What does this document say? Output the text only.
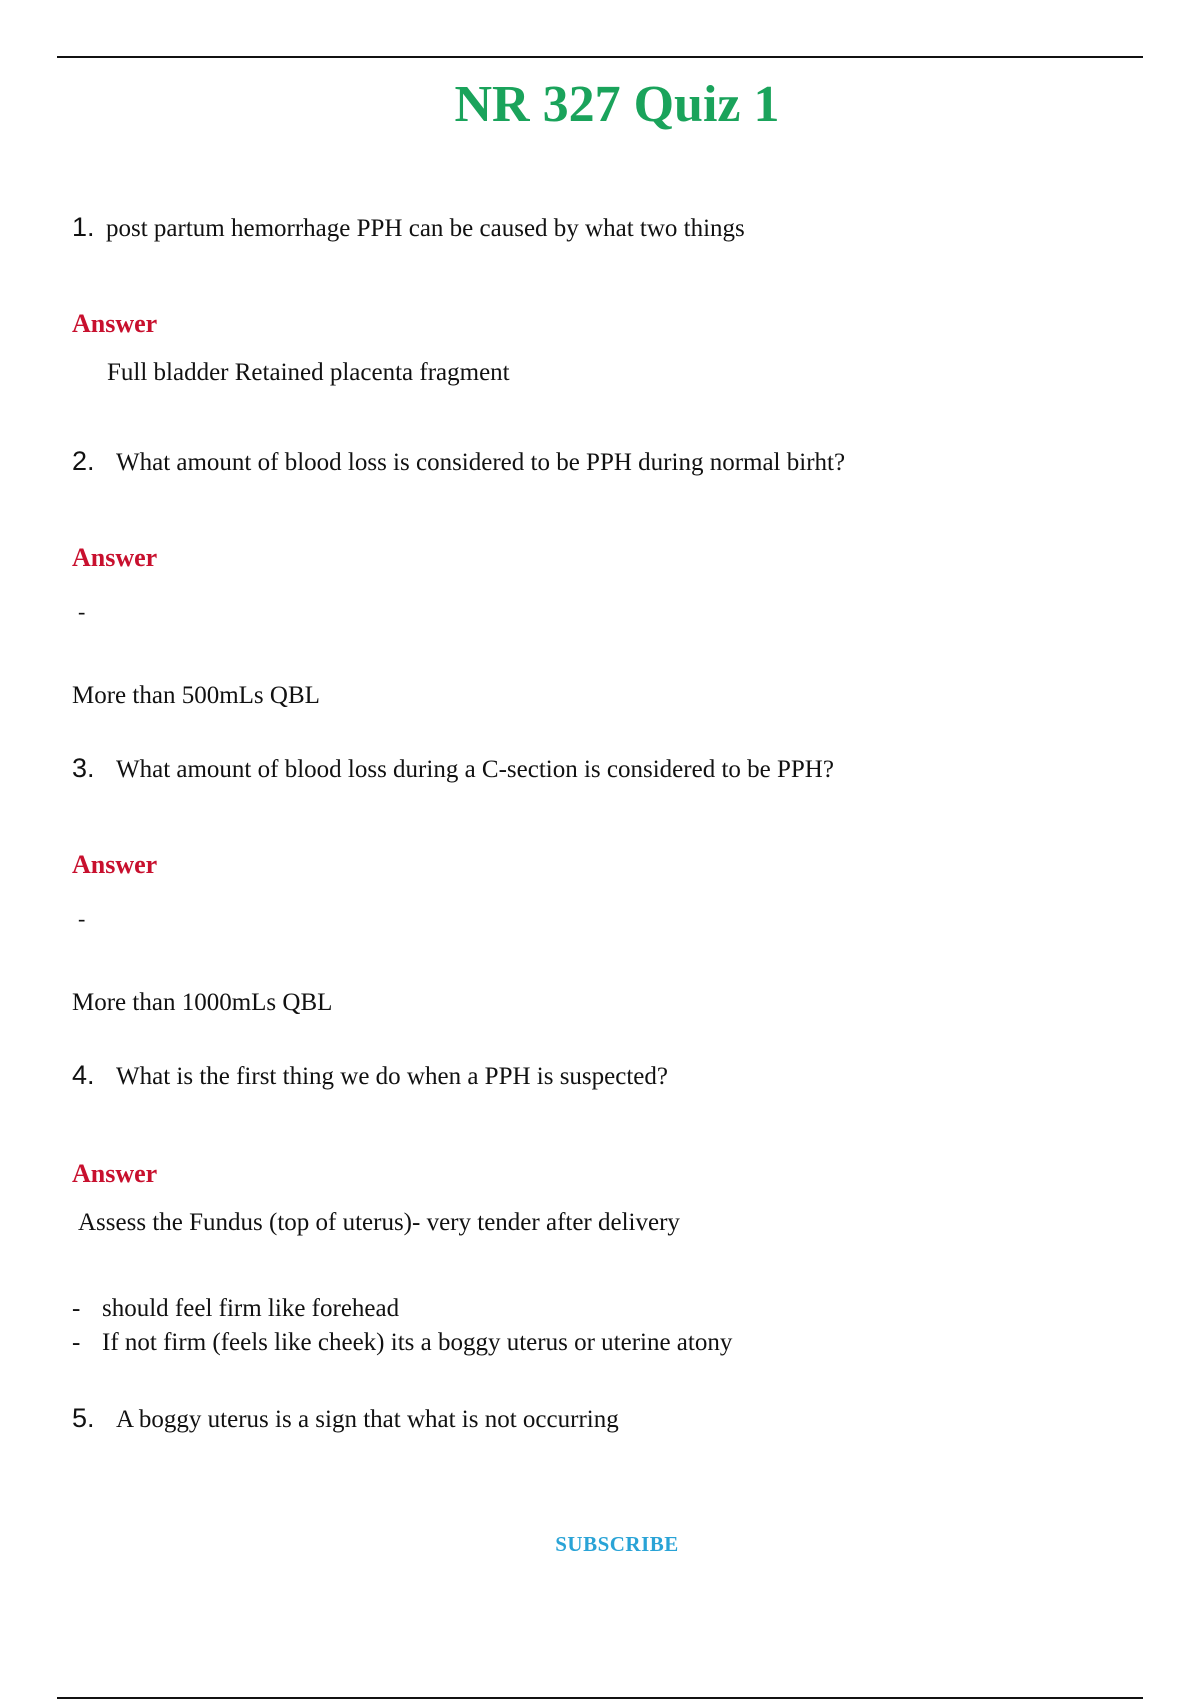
NR 327 Quiz 1
1. post partum hemorrhage PPH can be caused by what two things
Answer
Full bladder Retained placenta fragment
2. What amount of blood loss is considered to be PPH during normal birht?
Answer
-
More than 500mLs QBL
3. What amount of blood loss during a C-section is considered to be PPH?
Answer
-
More than 1000mLs QBL
4. What is the first thing we do when a PPH is suspected?
Answer
Assess the Fundus (top of uterus)- very tender after delivery
- should feel firm like forehead
- If not firm (feels like cheek) its a boggy uterus or uterine atony
5. A boggy uterus is a sign that what is not occurring
SUBSCRIBE
